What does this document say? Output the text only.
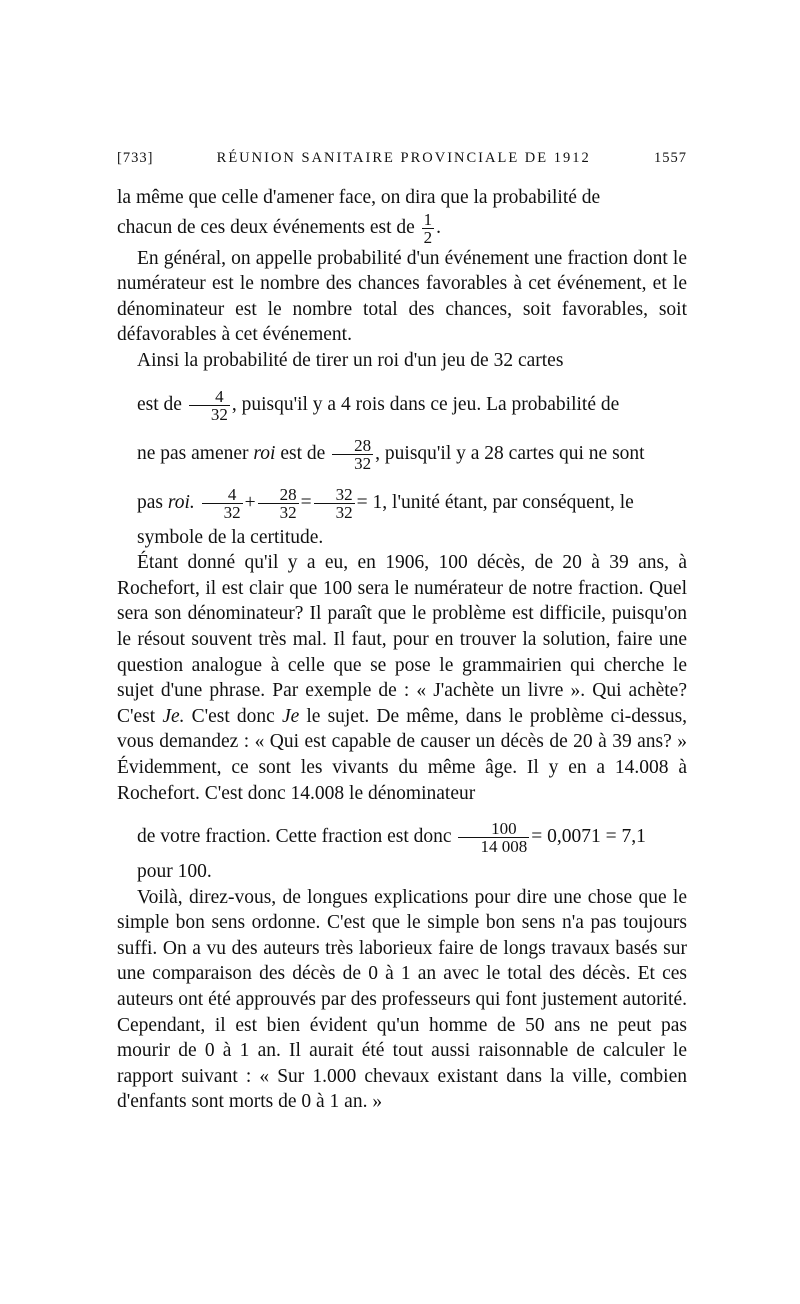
[733]	RÉUNION SANITAIRE PROVINCIALE DE 1912	1557

la même que celle d'amener face, on dira que la probabilité de
chacun de ces deux événements est de $\frac{1}{2}$ .

En général, on appelle probabilité d'un événement une fraction dont le numérateur est le nombre des chances favorables à cet événement, et le dénominateur est le nombre total des chances, soit favorables, soit défavorables à cet événement.

Ainsi la probabilité de tirer un roi d'un jeu de 32 cartes
est de $\frac{4}{32}$ , puisqu'il y a 4 rois dans ce jeu. La probabilité de
ne pas amener roi est de $\frac{28}{32}$ , puisqu'il y a 28 cartes qui ne sont
pas roi. $\frac{4}{32} + \frac{28}{32} = \frac{32}{32} = 1$, l'unité étant, par conséquent, le
symbole de la certitude.

Étant donné qu'il y a eu, en 1906, 100 décès, de 20 à 39 ans, à Rochefort, il est clair que 100 sera le numérateur de notre fraction. Quel sera son dénominateur? Il paraît que le problème est difficile, puisqu'on le résout souvent très mal. Il faut, pour en trouver la solution, faire une question analogue à celle que se pose le grammairien qui cherche le sujet d'une phrase. Par exemple de : « J'achète un livre ». Qui achète? C'est Je. C'est donc Je le sujet. De même, dans le problème ci-dessus, vous demandez : « Qui est capable de causer un décès de 20 à 39 ans? » Évidemment, ce sont les vivants du même âge. Il y en a 14.008 à Rochefort. C'est donc 14.008 le dénominateur
de votre fraction. Cette fraction est donc $\frac{100}{14 008} = 0,0071 = 7,1$
pour 100.

Voilà, direz-vous, de longues explications pour dire une chose que le simple bon sens ordonne. C'est que le simple bon sens n'a pas toujours suffi. On a vu des auteurs très laborieux faire de longs travaux basés sur une comparaison des décès de 0 à 1 an avec le total des décès. Et ces auteurs ont été approuvés par des professeurs qui font justement autorité. Cependant, il est bien évident qu'un homme de 50 ans ne peut pas mourir de 0 à 1 an. Il aurait été tout aussi raisonnable de calculer le rapport suivant : « Sur 1.000 chevaux existant dans la ville, combien d'enfants sont morts de 0 à 1 an. »
